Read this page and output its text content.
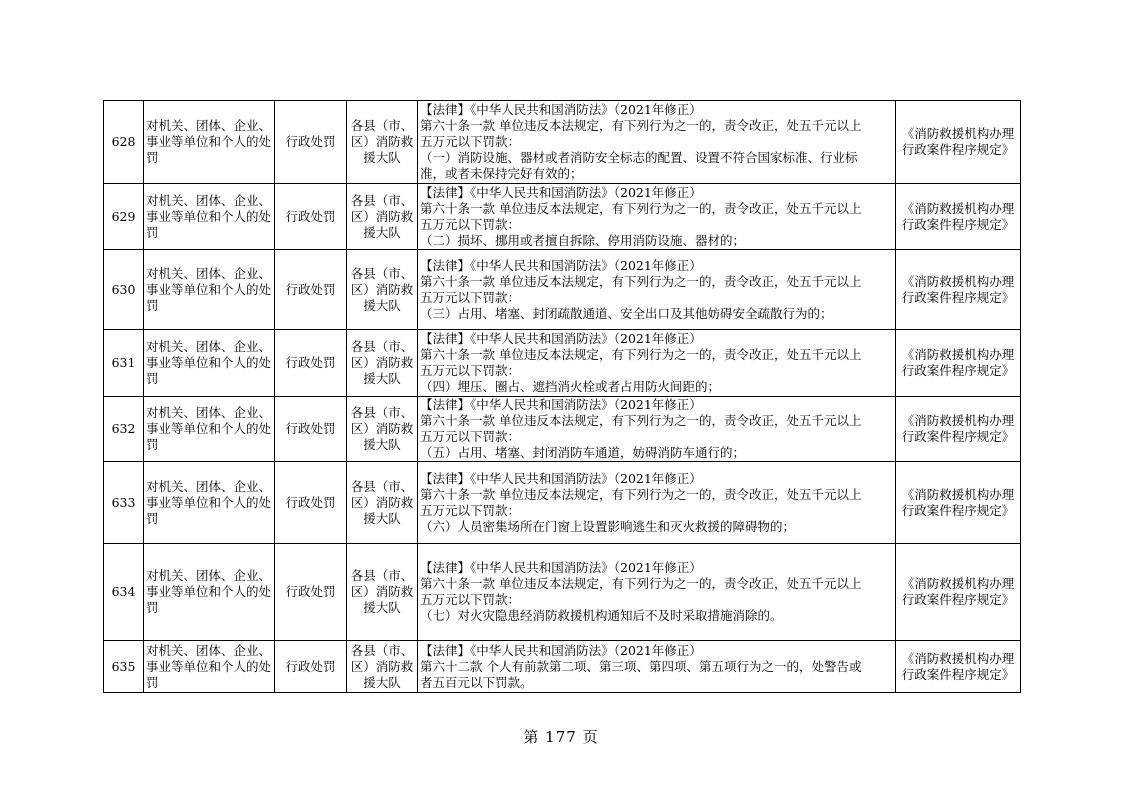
628	对机关、团体、企业、事业等单位和个人的处罚	行政处罚	各县（市、区）消防救援大队	【法律】《中华人民共和国消防法》（2021年修正）
第六十条一款 单位违反本法规定，有下列行为之一的，责令改正，处五千元以上
五万元以下罚款：
（一）消防设施、器材或者消防安全标志的配置、设置不符合国家标准、行业标
准，或者未保持完好有效的；	《消防救援机构办理行政案件程序规定》
629	对机关、团体、企业、事业等单位和个人的处罚	行政处罚	各县（市、区）消防救援大队	【法律】《中华人民共和国消防法》（2021年修正）
第六十条一款 单位违反本法规定，有下列行为之一的，责令改正，处五千元以上
五万元以下罚款：
（二）损坏、挪用或者擅自拆除、停用消防设施、器材的；	《消防救援机构办理行政案件程序规定》
630	对机关、团体、企业、事业等单位和个人的处罚	行政处罚	各县（市、区）消防救援大队	【法律】《中华人民共和国消防法》（2021年修正）
第六十条一款 单位违反本法规定，有下列行为之一的，责令改正，处五千元以上
五万元以下罚款：
（三）占用、堵塞、封闭疏散通道、安全出口及其他妨碍安全疏散行为的；	《消防救援机构办理行政案件程序规定》
631	对机关、团体、企业、事业等单位和个人的处罚	行政处罚	各县（市、区）消防救援大队	【法律】《中华人民共和国消防法》（2021年修正）
第六十条一款 单位违反本法规定，有下列行为之一的，责令改正，处五千元以上
五万元以下罚款：
（四）埋压、圈占、遮挡消火栓或者占用防火间距的；	《消防救援机构办理行政案件程序规定》
632	对机关、团体、企业、事业等单位和个人的处罚	行政处罚	各县（市、区）消防救援大队	【法律】《中华人民共和国消防法》（2021年修正）
第六十条一款 单位违反本法规定，有下列行为之一的，责令改正，处五千元以上
五万元以下罚款：
（五）占用、堵塞、封闭消防车通道，妨碍消防车通行的；	《消防救援机构办理行政案件程序规定》
633	对机关、团体、企业、事业等单位和个人的处罚	行政处罚	各县（市、区）消防救援大队	【法律】《中华人民共和国消防法》（2021年修正）
第六十条一款 单位违反本法规定，有下列行为之一的，责令改正，处五千元以上
五万元以下罚款：
（六）人员密集场所在门窗上设置影响逃生和灭火救援的障碍物的；	《消防救援机构办理行政案件程序规定》
634	对机关、团体、企业、事业等单位和个人的处罚	行政处罚	各县（市、区）消防救援大队	【法律】《中华人民共和国消防法》（2021年修正）
第六十条一款 单位违反本法规定，有下列行为之一的，责令改正，处五千元以上
五万元以下罚款：
（七）对火灾隐患经消防救援机构通知后不及时采取措施消除的。	《消防救援机构办理行政案件程序规定》
635	对机关、团体、企业、事业等单位和个人的处罚	行政处罚	各县（市、区）消防救援大队	【法律】《中华人民共和国消防法》（2021年修正）
第六十二款 个人有前款第二项、第三项、第四项、第五项行为之一的，处警告或
者五百元以下罚款。	《消防救援机构办理行政案件程序规定》
第 177 页
